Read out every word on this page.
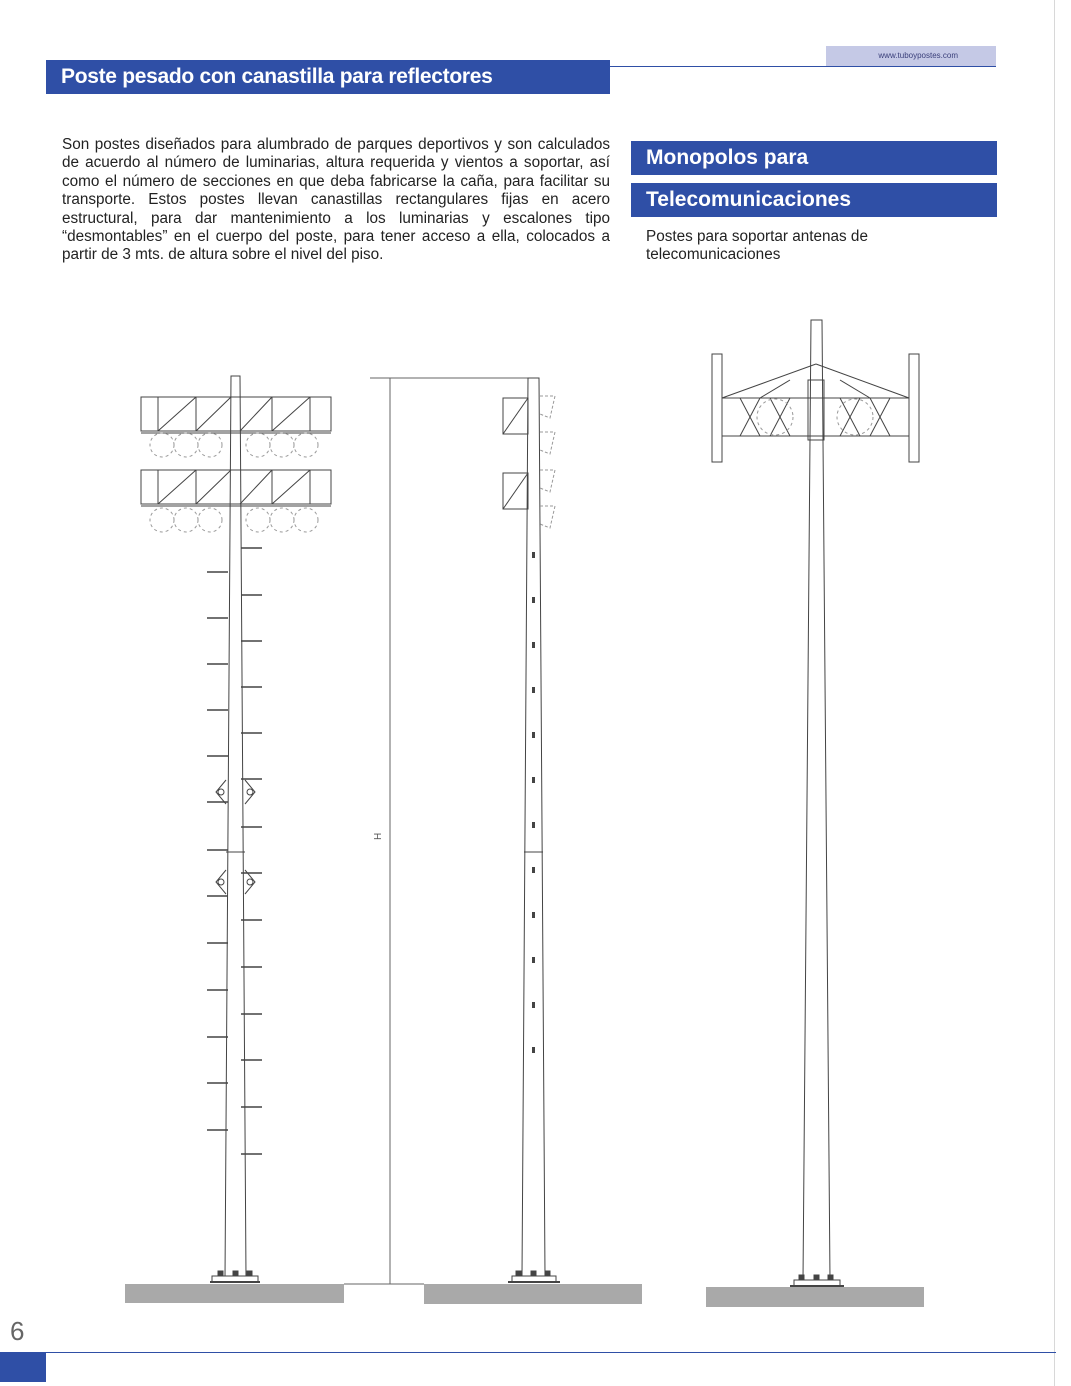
www.tuboypostes.com
Poste pesado con canastilla para reflectores
Son postes diseñados para alumbrado de parques deportivos y son calculados de acuerdo al número de luminarias, altura requerida y vientos a soportar, así como el número de secciones en que deba fabricarse la caña, para facilitar su transporte. Estos postes llevan canastillas rectangulares fijas en acero estructural, para dar mantenimiento a los luminarias y escalones tipo “desmontables” en el cuerpo del poste, para tener acceso a ella, colocados a partir de 3 mts. de altura sobre el nivel del piso.
Monopolos para
Telecomunicaciones
Postes para soportar antenas de telecomunicaciones
H
6
